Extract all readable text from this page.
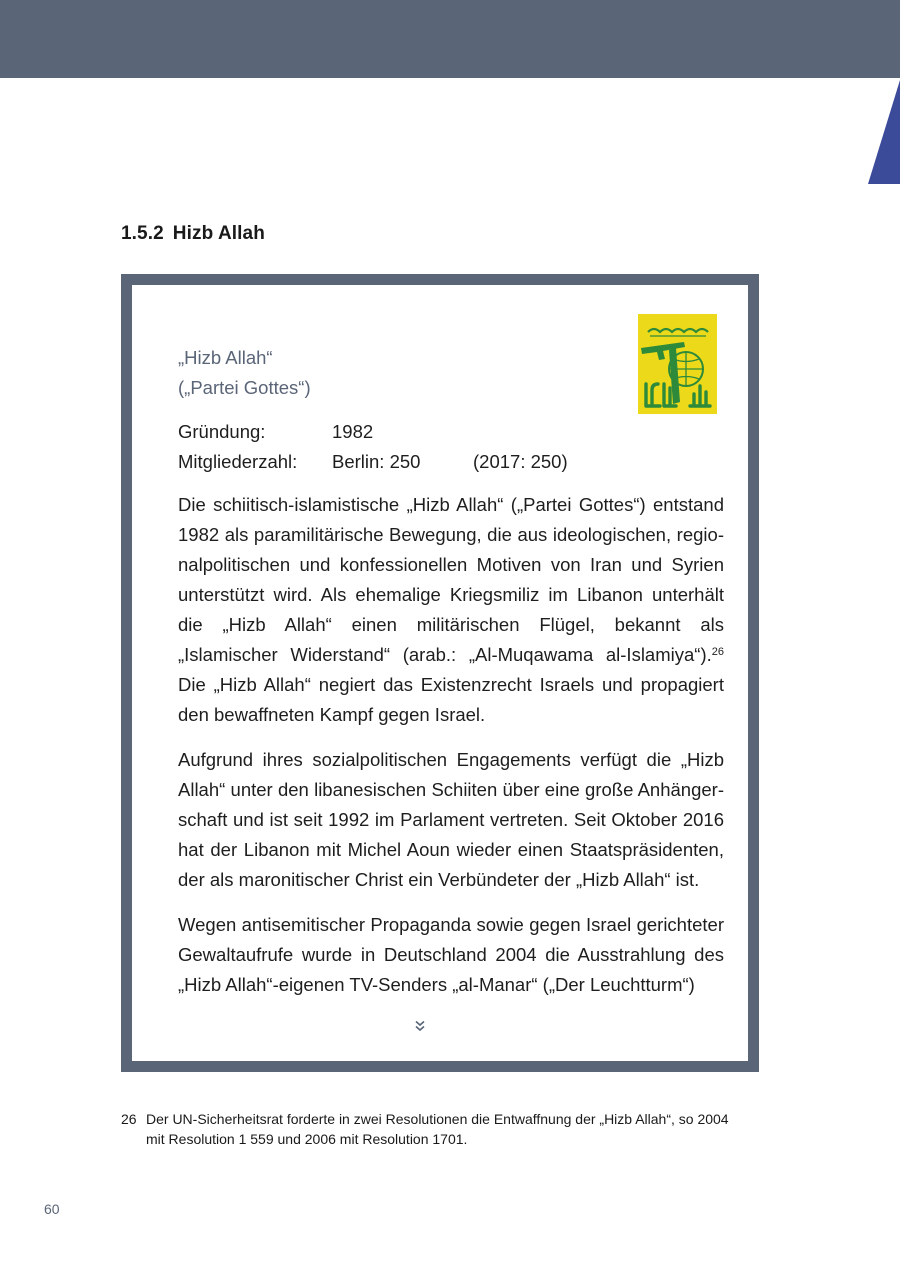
1.5.2 Hizb Allah
„Hizb Allah“
(„Partei Gottes“)
Gründung:	1982
Mitgliederzahl: Berlin: 250	(2017: 250)

Die schiitisch-islamistische „Hizb Allah“ („Partei Gottes“) entstand 1982 als paramilitärische Bewegung, die aus ideologischen, regionalpolitischen und konfessionellen Motiven von Iran und Syrien unterstützt wird. Als ehemalige Kriegsmiliz im Libanon unterhält die „Hizb Allah“ einen militärischen Flügel, bekannt als „Islamischer Widerstand“ (arab.: „Al-Muqawama al-Islamiya“).$^{26}$ Die „Hizb Allah“ negiert das Existenzrecht Israels und propagiert den bewaffneten Kampf gegen Israel.

Aufgrund ihres sozialpolitischen Engagements verfügt die „Hizb Allah“ unter den libanesischen Schiiten über eine große Anhängerschaft und ist seit 1992 im Parlament vertreten. Seit Oktober 2016 hat der Libanon mit Michel Aoun wieder einen Staatspräsidenten, der als maronitischer Christ ein Verbündeter der „Hizb Allah“ ist.

Wegen antisemitischer Propaganda sowie gegen Israel gerichteter Gewaltaufrufe wurde in Deutschland 2004 die Ausstrahlung des „Hizb Allah“-eigenen TV-Senders „al-Manar“ („Der Leuchtturm“)

26 Der UN-Sicherheitsrat forderte in zwei Resolutionen die Entwaffnung der „Hizb Allah“, so 2004 mit Resolution 1 559 und 2006 mit Resolution 1701.
60
